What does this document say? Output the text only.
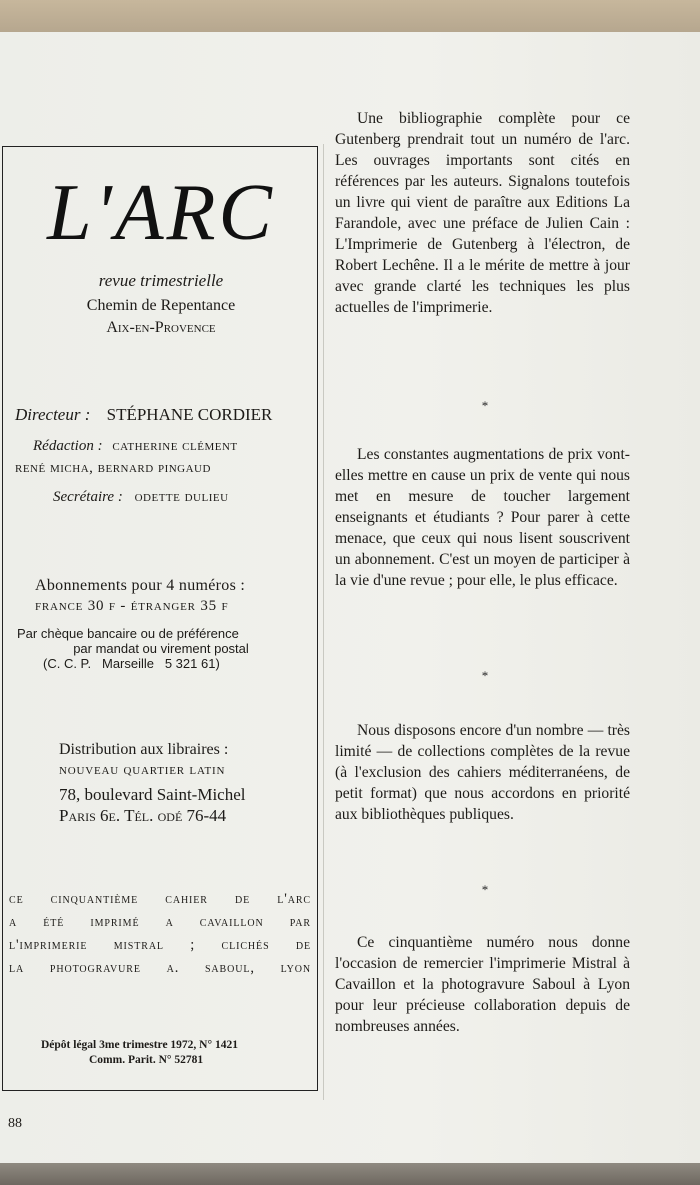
L'ARC
revue trimestrielle
Chemin de Repentance
Aix-en-Provence
Directeur : STÉPHANE CORDIER
Rédaction : catherine clément
rené micha, bernard pingaud
Secrétaire : odette dulieu
Abonnements pour 4 numéros :
france 30 f - étranger 35 f
Par chèque bancaire ou de préférence
par mandat ou virement postal
(C. C. P.   Marseille   5 321 61)
Distribution aux libraires :
nouveau quartier latin
78, boulevard Saint-Michel
Paris 6e. Tél. odé 76-44
ce cinquantième cahier de l'arc
a été imprimé a cavaillon par
l'imprimerie mistral ; clichés de
la photogravure a. saboul, lyon
Dépôt légal 3me trimestre 1972, N° 1421
Comm. Parit. N° 52781

Une bibliographie complète pour ce Gutenberg prendrait tout un numéro de l'arc. Les ouvrages importants sont cités en références par les auteurs. Signalons toutefois un livre qui vient de paraître aux Editions La Farandole, avec une préface de Julien Cain : L'Imprimerie de Gutenberg à l'électron, de Robert Lechêne. Il a le mérite de mettre à jour avec grande clarté les techniques les plus actuelles de l'imprimerie.

*

Les constantes augmentations de prix vont-elles mettre en cause un prix de vente qui nous met en mesure de toucher largement enseignants et étudiants ? Pour parer à cette menace, que ceux qui nous lisent souscrivent un abonnement. C'est un moyen de participer à la vie d'une revue ; pour elle, le plus efficace.

*

Nous disposons encore d'un nombre — très limité — de collections complètes de la revue (à l'exclusion des cahiers méditerranéens, de petit format) que nous accordons en priorité aux bibliothèques publiques.

*

Ce cinquantième numéro nous donne l'occasion de remercier l'imprimerie Mistral à Cavaillon et la photogravure Saboul à Lyon pour leur précieuse collaboration depuis de nombreuses années.

88
